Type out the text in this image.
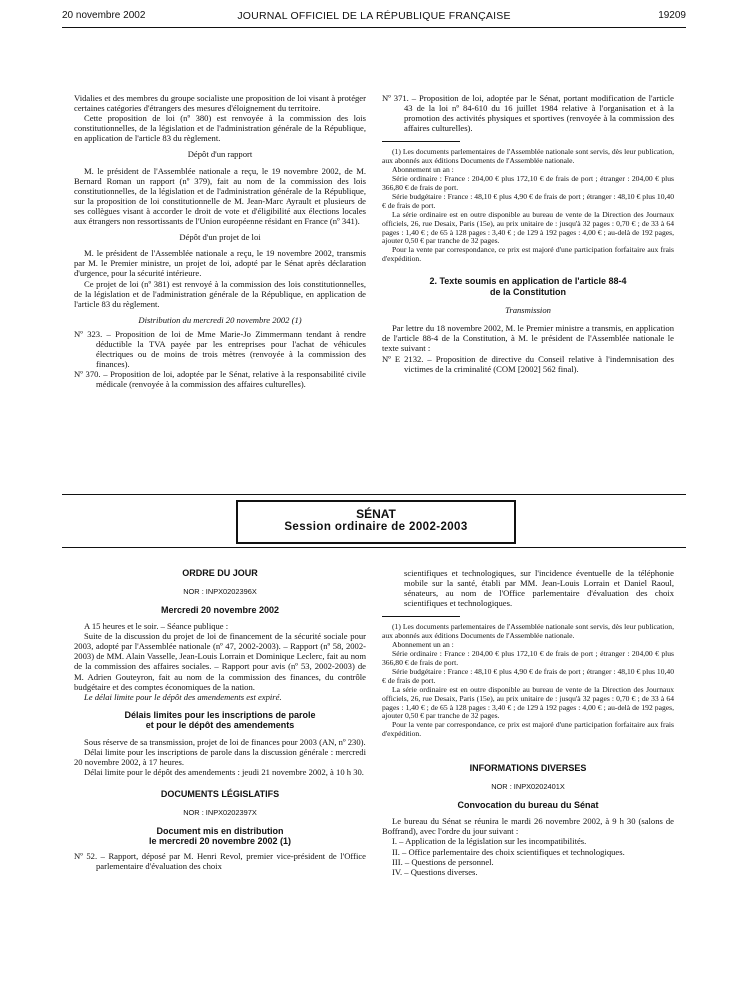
20 novembre 2002	JOURNAL OFFICIEL DE LA RÉPUBLIQUE FRANÇAISE	19209

Vidalies et des membres du groupe socialiste une proposition de loi visant à protéger certaines catégories d'étrangers des mesures d'éloignement du territoire.

Cette proposition de loi (nº 380) est renvoyée à la commission des lois constitutionnelles, de la législation et de l'administration générale de la République, en application de l'article 83 du règlement.

Dépôt d'un rapport

M. le président de l'Assemblée nationale a reçu, le 19 novembre 2002, de M. Bernard Roman un rapport (nº 379), fait au nom de la commission des lois constitutionnelles, de la législation et de l'administration générale de la République, sur la proposition de loi constitutionnelle de M. Jean-Marc Ayrault et plusieurs de ses collègues visant à accorder le droit de vote et d'éligibilité aux élections locales aux étrangers non ressortissants de l'Union européenne résidant en France (nº 341).

Dépôt d'un projet de loi

M. le président de l'Assemblée nationale a reçu, le 19 novembre 2002, transmis par M. le Premier ministre, un projet de loi, adopté par le Sénat après déclaration d'urgence, pour la sécurité intérieure.

Ce projet de loi (nº 381) est renvoyé à la commission des lois constitutionnelles, de la législation et de l'administration générale de la République, en application de l'article 83 du règlement.

Distribution du mercredi 20 novembre 2002 (1)

Nº 323. – Proposition de loi de Mme Marie-Jo Zimmermann tendant à rendre déductible la TVA payée par les entreprises pour l'achat de véhicules électriques ou de moins de trois mètres (renvoyée à la commission des finances).

Nº 370. – Proposition de loi, adoptée par le Sénat, relative à la responsabilité civile médicale (renvoyée à la commission des affaires culturelles).

Nº 371. – Proposition de loi, adoptée par le Sénat, portant modification de l'article 43 de la loi nº 84-610 du 16 juillet 1984 relative à l'organisation et à la promotion des activités physiques et sportives (renvoyée à la commission des affaires culturelles).

(1) Les documents parlementaires de l'Assemblée nationale sont servis, dès leur publication, aux abonnés aux éditions Documents de l'Assemblée nationale.

Abonnement un an :

Série ordinaire : France : 204,00 € plus 172,10 € de frais de port ; étranger : 204,00 € plus 366,80 € de frais de port.

Série budgétaire : France : 48,10 € plus 4,90 € de frais de port ; étranger : 48,10 € plus 10,40 € de frais de port.

La série ordinaire est en outre disponible au bureau de vente de la Direction des Journaux officiels, 26, rue Desaix, Paris (15e), au prix unitaire de : jusqu'à 32 pages : 0,70 € ; de 33 à 64 pages : 1,40 € ; de 65 à 128 pages : 3,40 € ; de 129 à 192 pages : 4,00 € ; au-delà de 192 pages, ajouter 0,50 € par tranche de 32 pages.

Pour la vente par correspondance, ce prix est majoré d'une participation forfaitaire aux frais d'expédition.

2. Texte soumis en application de l'article 88-4

de la Constitution

Transmission

Par lettre du 18 novembre 2002, M. le Premier ministre a transmis, en application de l'article 88-4 de la Constitution, à M. le président de l'Assemblée nationale le texte suivant :

Nº E 2132. – Proposition de directive du Conseil relative à l'indemnisation des victimes de la criminalité (COM [2002] 562 final).

SÉNAT
Session ordinaire de 2002-2003

ORDRE DU JOUR

NOR : INPX0202396X

Mercredi 20 novembre 2002

A 15 heures et le soir. – Séance publique :

Suite de la discussion du projet de loi de financement de la sécurité sociale pour 2003, adopté par l'Assemblée nationale (nº 47, 2002-2003). – Rapport (nº 58, 2002-2003) de MM. Alain Vasselle, Jean-Louis Lorrain et Dominique Leclerc, fait au nom de la commission des affaires sociales. – Rapport pour avis (nº 53, 2002-2003) de M. Adrien Gouteyron, fait au nom de la commission des finances, du contrôle budgétaire et des comptes économiques de la nation.

Le délai limite pour le dépôt des amendements est expiré.

Délais limites pour les inscriptions de parole

et pour le dépôt des amendements

Sous réserve de sa transmission, projet de loi de finances pour 2003 (AN, nº 230).

Délai limite pour les inscriptions de parole dans la discussion générale : mercredi 20 novembre 2002, à 17 heures.

Délai limite pour le dépôt des amendements : jeudi 21 novembre 2002, à 10 h 30.

DOCUMENTS LÉGISLATIFS

NOR : INPX0202397X

Document mis en distribution

le mercredi 20 novembre 2002 (1)

Nº 52. – Rapport, déposé par M. Henri Revol, premier vice-président de l'Office parlementaire d'évaluation des choix

scientifiques et technologiques, sur l'incidence éventuelle de la téléphonie mobile sur la santé, établi par MM. Jean-Louis Lorrain et Daniel Raoul, sénateurs, au nom de l'Office parlementaire d'évaluation des choix scientifiques et technologiques.

(1) Les documents parlementaires de l'Assemblée nationale sont servis, dès leur publication, aux abonnés aux éditions Documents de l'Assemblée nationale.

Abonnement un an :

Série ordinaire : France : 204,00 € plus 172,10 € de frais de port ; étranger : 204,00 € plus 366,80 € de frais de port.

Série budgétaire : France : 48,10 € plus 4,90 € de frais de port ; étranger : 48,10 € plus 10,40 € de frais de port.

La série ordinaire est en outre disponible au bureau de vente de la Direction des Journaux officiels, 26, rue Desaix, Paris (15e), au prix unitaire de : jusqu'à 32 pages : 0,70 € ; de 33 à 64 pages : 1,40 € ; de 65 à 128 pages : 3,40 € ; de 129 à 192 pages : 4,00 € ; au-delà de 192 pages, ajouter 0,50 € par tranche de 32 pages.

Pour la vente par correspondance, ce prix est majoré d'une participation forfaitaire aux frais d'expédition.

INFORMATIONS DIVERSES

NOR : INPX0202401X

Convocation du bureau du Sénat

Le bureau du Sénat se réunira le mardi 26 novembre 2002, à 9 h 30 (salons de Boffrand), avec l'ordre du jour suivant :

I. – Application de la législation sur les incompatibilités.

II. – Office parlementaire des choix scientifiques et technologiques.

III. – Questions de personnel.

IV. – Questions diverses.
